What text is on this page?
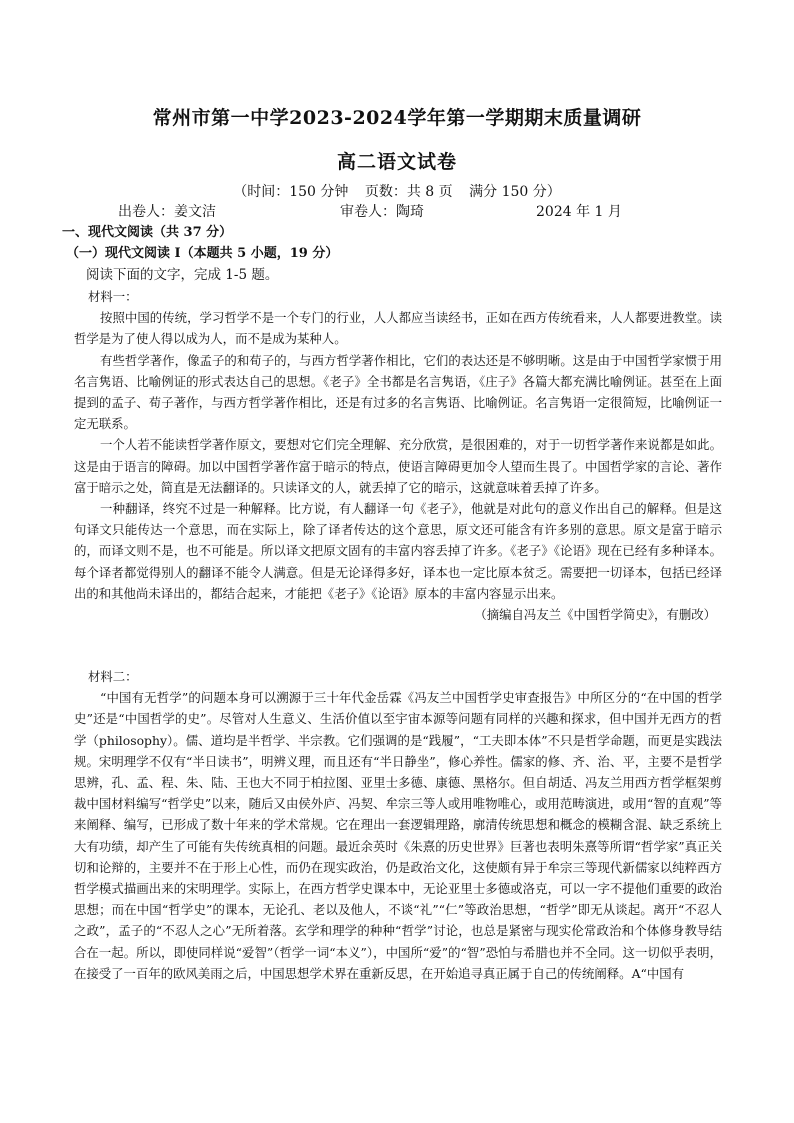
常州市第一中学2023-2024学年第一学期期末质量调研
高二语文试卷
（时间：150 分钟 页数：共 8 页 满分 150 分）
出卷人：姜文洁	审卷人：陶琦	2024 年 1 月
一、现代文阅读（共 37 分）
（一）现代文阅读 I（本题共 5 小题，19 分）
阅读下面的文字，完成 1-5 题。

材料一：

按照中国的传统，学习哲学不是一个专门的行业，人人都应当读经书，正如在西方传统看来，人人都要进教堂。读哲学是为了使人得以成为人，而不是成为某种人。

有些哲学著作，像孟子的和荀子的，与西方哲学著作相比，它们的表达还是不够明晰。这是由于中国哲学家惯于用名言隽语、比喻例证的形式表达自己的思想。《老子》全书都是名言隽语，《庄子》各篇大都充满比喻例证。甚至在上面提到的孟子、荀子著作，与西方哲学著作相比，还是有过多的名言隽语、比喻例证。名言隽语一定很简短，比喻例证一定无联系。

一个人若不能读哲学著作原文，要想对它们完全理解、充分欣赏，是很困难的，对于一切哲学著作来说都是如此。这是由于语言的障碍。加以中国哲学著作富于暗示的特点，使语言障碍更加令人望而生畏了。中国哲学家的言论、著作富于暗示之处，简直是无法翻译的。只读译文的人，就丢掉了它的暗示，这就意味着丢掉了许多。

一种翻译，终究不过是一种解释。比方说，有人翻译一句《老子》，他就是对此句的意义作出自己的解释。但是这句译文只能传达一个意思，而在实际上，除了译者传达的这个意思，原文还可能含有许多别的意思。原文是富于暗示的，而译文则不是，也不可能是。所以译文把原文固有的丰富内容丢掉了许多。《老子》《论语》现在已经有多种译本。每个译者都觉得别人的翻译不能令人满意。但是无论译得多好，译本也一定比原本贫乏。需要把一切译本，包括已经译出的和其他尚未译出的，都结合起来，才能把《老子》《论语》原本的丰富内容显示出来。

（摘编自冯友兰《中国哲学简史》，有删改）

材料二：

“中国有无哲学”的问题本身可以溯源于三十年代金岳霖《冯友兰中国哲学史审查报告》中所区分的“在中国的哲学史”还是“中国哲学的史”。尽管对人生意义、生活价值以至宇宙本源等问题有同样的兴趣和探求，但中国并无西方的哲学（philosophy）。儒、道均是半哲学、半宗教。它们强调的是“践履”，“工夫即本体”不只是哲学命题，而更是实践法规。宋明理学不仅有“半日读书”，明辨义理，而且还有“半日静坐”，修心养性。儒家的修、齐、治、平，主要不是哲学思辨，孔、孟、程、朱、陆、王也大不同于柏拉图、亚里士多德、康德、黑格尔。但自胡适、冯友兰用西方哲学框架剪裁中国材料编写“哲学史”以来，随后又由侯外庐、冯契、牟宗三等人或用唯物唯心，或用范畴演进，或用“智的直观”等来阐释、编写，已形成了数十年来的学术常规。它在理出一套逻辑理路，廓清传统思想和概念的模糊含混、缺乏系统上大有功绩，却产生了可能有失传统真相的问题。最近余英时《朱熹的历史世界》巨著也表明朱熹等所谓“哲学家”真正关切和论辩的，主要并不在于形上心性，而仍在现实政治，仍是政治文化，这使颇有异于牟宗三等现代新儒家以纯粹西方哲学模式描画出来的宋明理学。实际上，在西方哲学史课本中，无论亚里士多德或洛克，可以一字不提他们重要的政治思想；而在中国“哲学史”的课本，无论孔、老以及他人，不谈“礼”“仁”等政治思想，“哲学”即无从谈起。离开“不忍人之政”，孟子的“不忍人之心”无所着落。玄学和理学的种种“哲学”讨论，也总是紧密与现实伦常政治和个体修身教导结合在一起。所以，即使同样说“爱智”（哲学一词“本义”），中国所“爱”的“智”恐怕与希腊也并不全同。这一切似乎表明，在接受了一百年的欧风美雨之后，中国思想学术界在重新反思，在开始追寻真正属于自己的传统阐释。A“中国有
